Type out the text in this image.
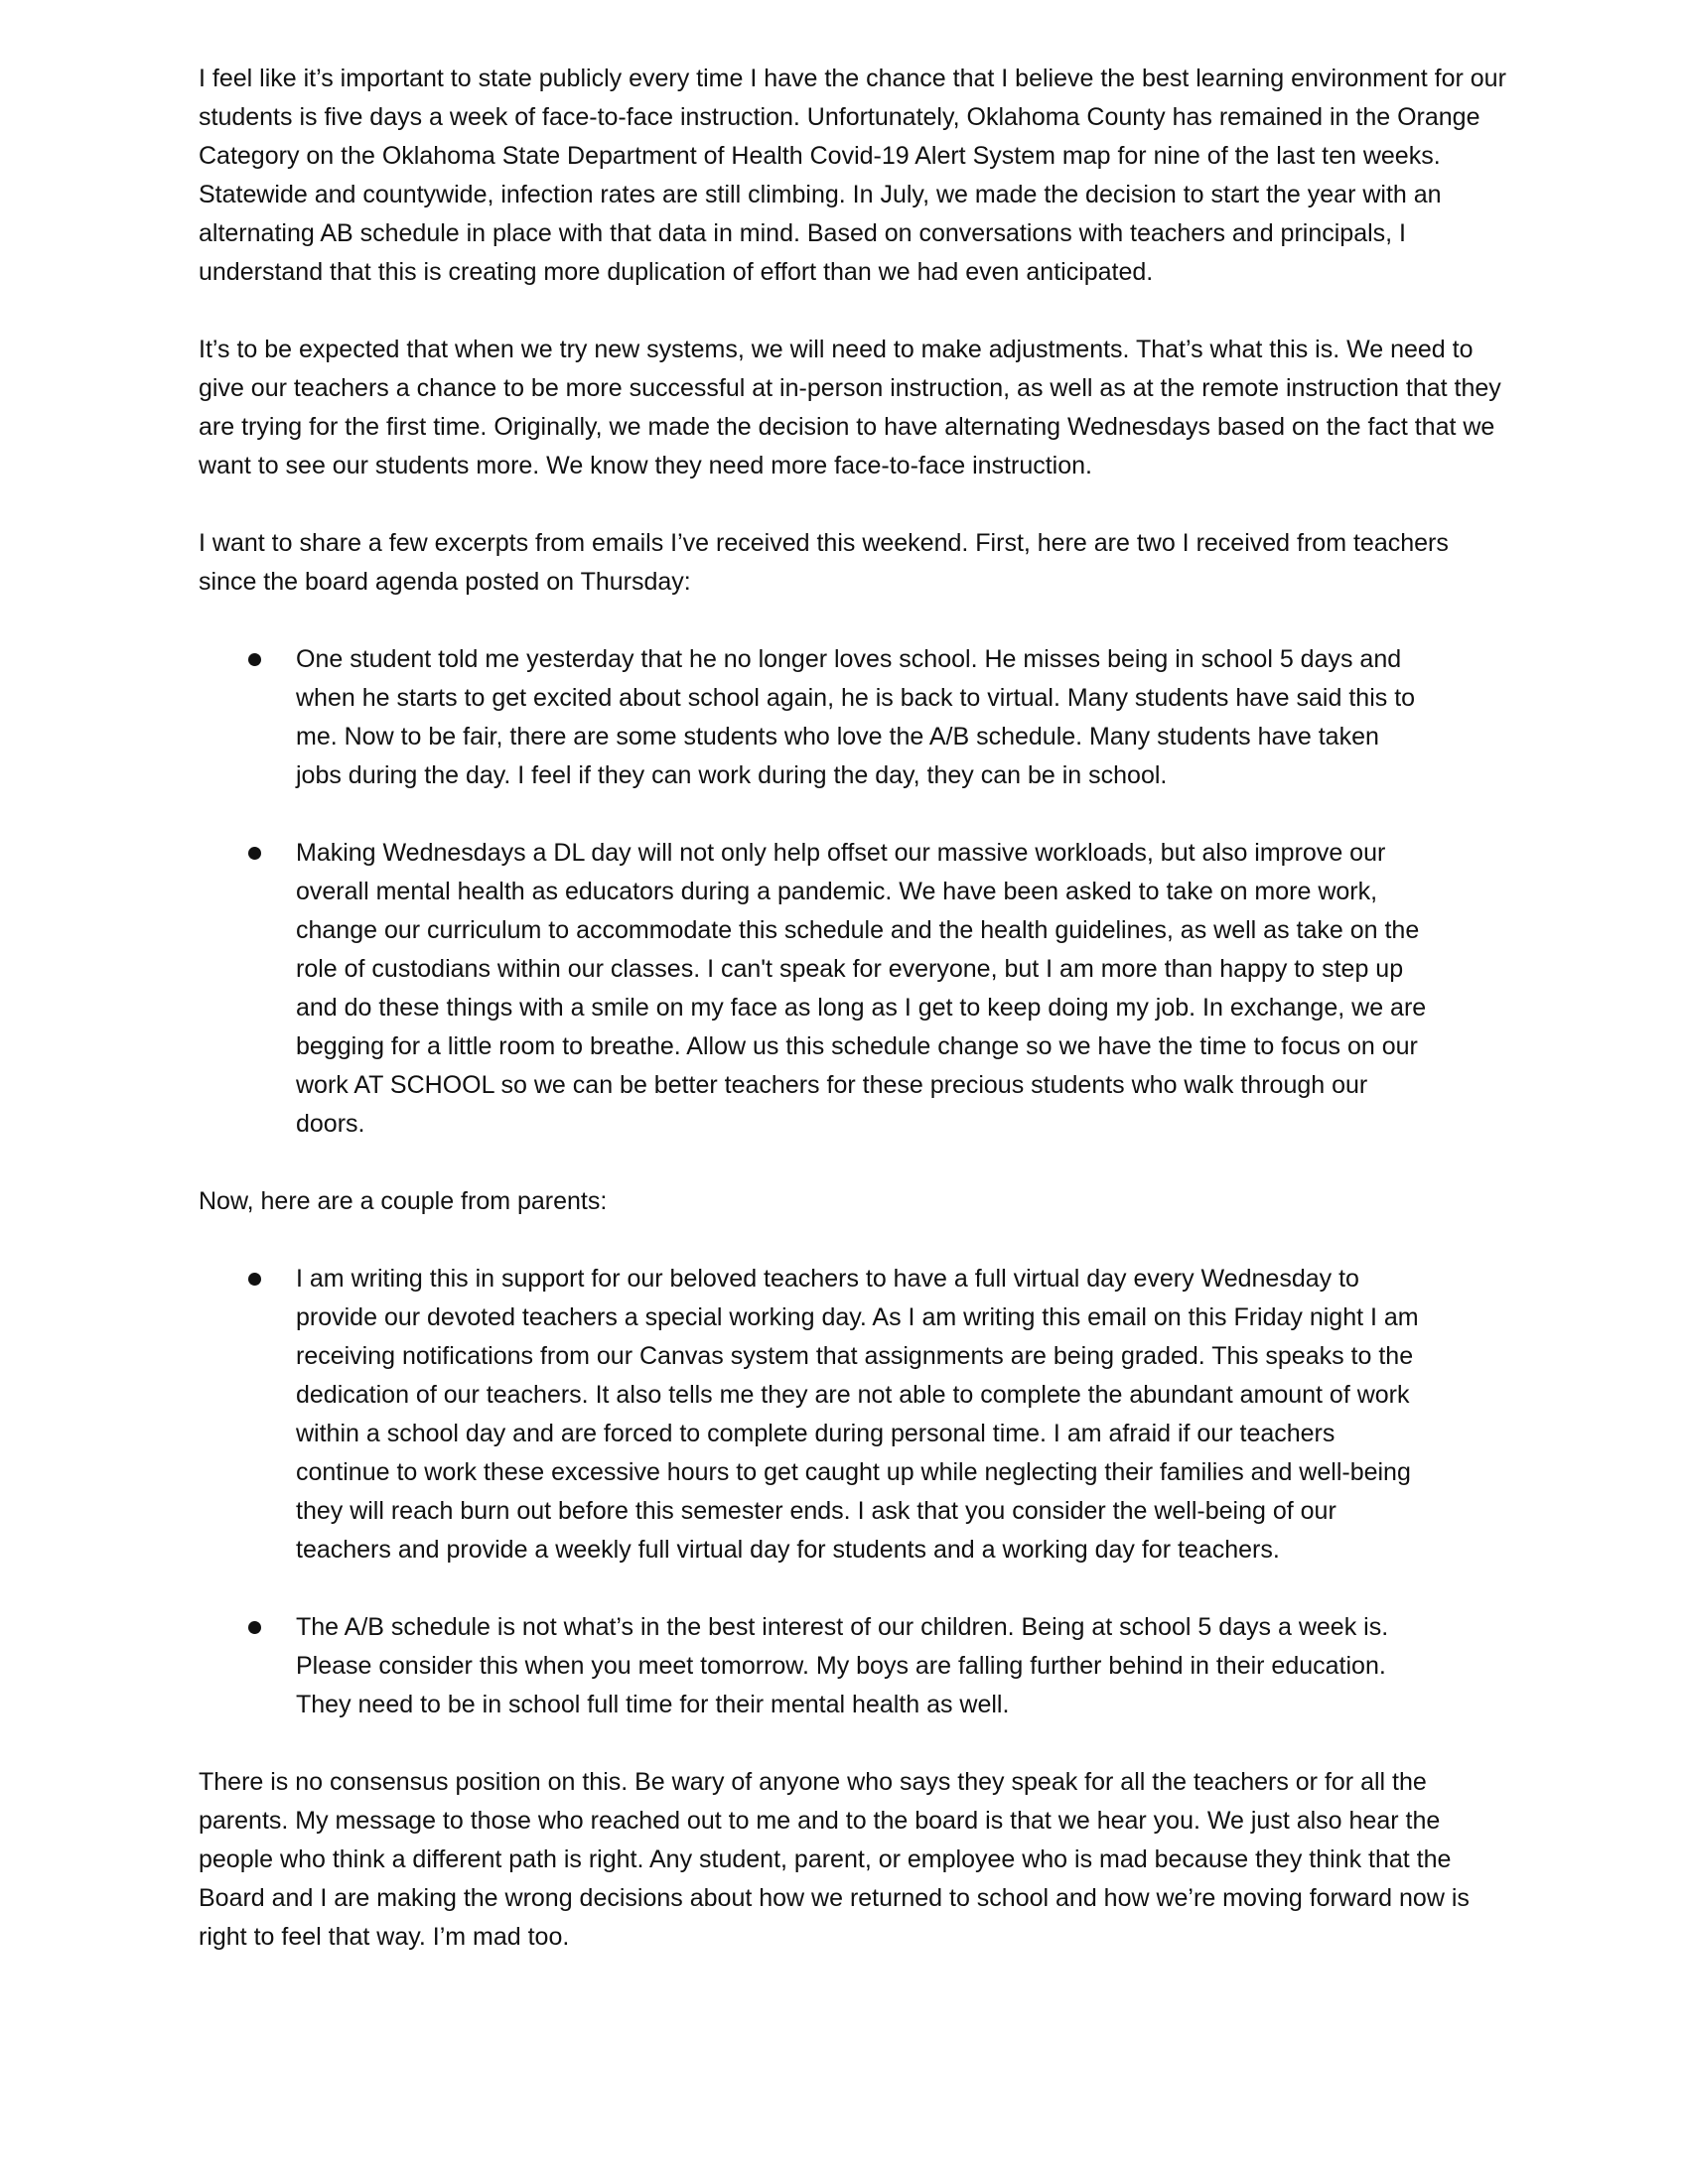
I feel like it’s important to state publicly every time I have the chance that I believe the best learning environment for our students is five days a week of face-to-face instruction. Unfortunately, Oklahoma County has remained in the Orange Category on the Oklahoma State Department of Health Covid-19 Alert System map for nine of the last ten weeks. Statewide and countywide, infection rates are still climbing. In July, we made the decision to start the year with an alternating AB schedule in place with that data in mind. Based on conversations with teachers and principals, I understand that this is creating more duplication of effort than we had even anticipated.

It’s to be expected that when we try new systems, we will need to make adjustments. That’s what this is. We need to give our teachers a chance to be more successful at in-person instruction, as well as at the remote instruction that they are trying for the first time. Originally, we made the decision to have alternating Wednesdays based on the fact that we want to see our students more. We know they need more face-to-face instruction.

I want to share a few excerpts from emails I’ve received this weekend. First, here are two I received from teachers since the board agenda posted on Thursday:

One student told me yesterday that he no longer loves school. He misses being in school 5 days and when he starts to get excited about school again, he is back to virtual. Many students have said this to me. Now to be fair, there are some students who love the A/B schedule. Many students have taken jobs during the day. I feel if they can work during the day, they can be in school.
Making Wednesdays a DL day will not only help offset our massive workloads, but also improve our overall mental health as educators during a pandemic. We have been asked to take on more work, change our curriculum to accommodate this schedule and the health guidelines, as well as take on the role of custodians within our classes. I can't speak for everyone, but I am more than happy to step up and do these things with a smile on my face as long as I get to keep doing my job. In exchange, we are begging for a little room to breathe. Allow us this schedule change so we have the time to focus on our work AT SCHOOL so we can be better teachers for these precious students who walk through our doors.

Now, here are a couple from parents:

I am writing this in support for our beloved teachers to have a full virtual day every Wednesday to provide our devoted teachers a special working day. As I am writing this email on this Friday night I am receiving notifications from our Canvas system that assignments are being graded. This speaks to the dedication of our teachers. It also tells me they are not able to complete the abundant amount of work within a school day and are forced to complete during personal time. I am afraid if our teachers continue to work these excessive hours to get caught up while neglecting their families and well-being they will reach burn out before this semester ends. I ask that you consider the well-being of our teachers and provide a weekly full virtual day for students and a working day for teachers.
The A/B schedule is not what’s in the best interest of our children. Being at school 5 days a week is. Please consider this when you meet tomorrow. My boys are falling further behind in their education. They need to be in school full time for their mental health as well.

There is no consensus position on this. Be wary of anyone who says they speak for all the teachers or for all the parents. My message to those who reached out to me and to the board is that we hear you. We just also hear the people who think a different path is right. Any student, parent, or employee who is mad because they think that the Board and I are making the wrong decisions about how we returned to school and how we’re moving forward now is right to feel that way. I’m mad too.
